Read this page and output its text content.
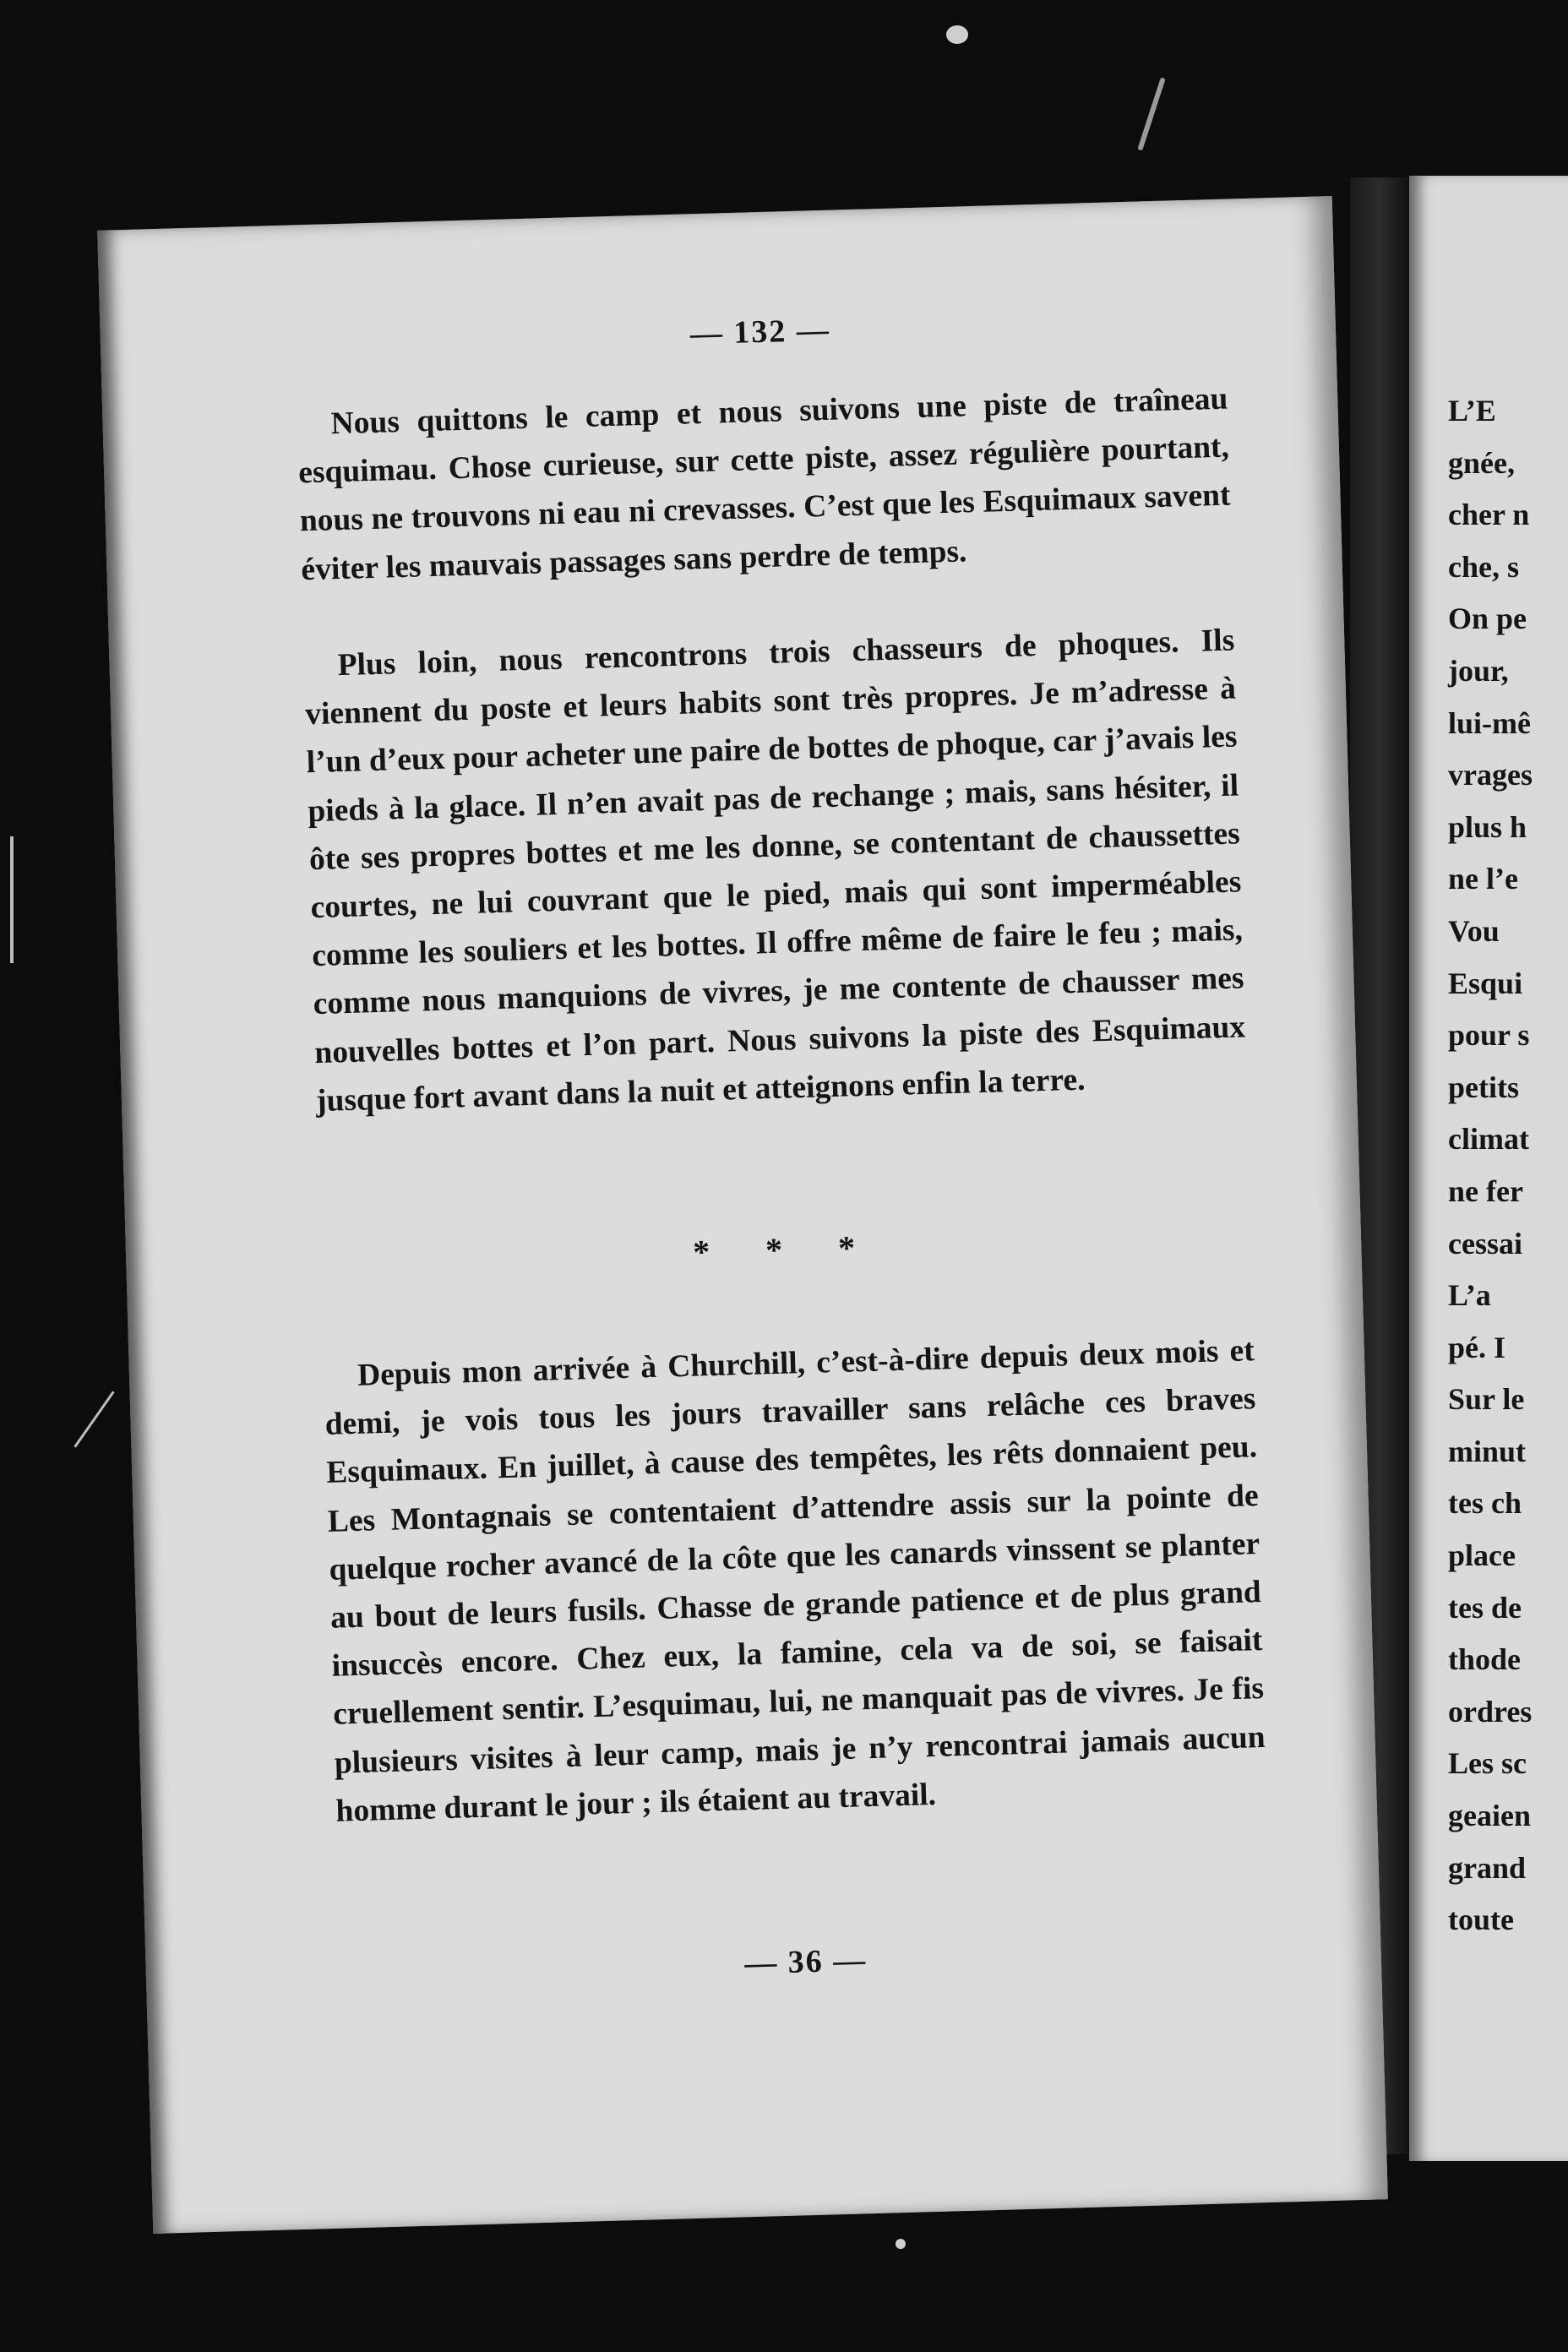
L’E
gnée,
cher n
che, s
On pe
jour,
lui-mê
vrages
plus h
ne l’e
Vou
Esqui
pour s
petits
climat
ne fer
cessai
L’a
pé. I
Sur le
minut
tes ch
place
tes de
thode
ordres
Les sc
geaien
grand
toute
— 132 —

Nous quittons le camp et nous suivons une piste de traîneau esquimau. Chose curieuse, sur cette piste, assez régulière pourtant, nous ne trouvons ni eau ni crevasses. C’est que les Esquimaux savent éviter les mauvais passages sans perdre de temps.

Plus loin, nous rencontrons trois chasseurs de phoques. Ils viennent du poste et leurs habits sont très propres. Je m’adresse à l’un d’eux pour acheter une paire de bottes de phoque, car j’avais les pieds à la glace. Il n’en avait pas de rechange ; mais, sans hésiter, il ôte ses propres bottes et me les donne, se contentant de chaussettes courtes, ne lui couvrant que le pied, mais qui sont imperméables comme les souliers et les bottes. Il offre même de faire le feu ; mais, comme nous manquions de vivres, je me contente de chausser mes nouvelles bottes et l’on part. Nous suivons la piste des Esquimaux jusque fort avant dans la nuit et atteignons enfin la terre.

* * *

Depuis mon arrivée à Churchill, c’est-à-dire depuis deux mois et demi, je vois tous les jours travailler sans relâche ces braves Esquimaux. En juillet, à cause des tempêtes, les rêts donnaient peu. Les Montagnais se contentaient d’attendre assis sur la pointe de quelque rocher avancé de la côte que les canards vinssent se planter au bout de leurs fusils. Chasse de grande patience et de plus grand insuccès encore. Chez eux, la famine, cela va de soi, se faisait cruellement sentir. L’esquimau, lui, ne manquait pas de vivres. Je fis plusieurs visites à leur camp, mais je n’y rencontrai jamais aucun homme durant le jour ; ils étaient au travail.

— 36 —
